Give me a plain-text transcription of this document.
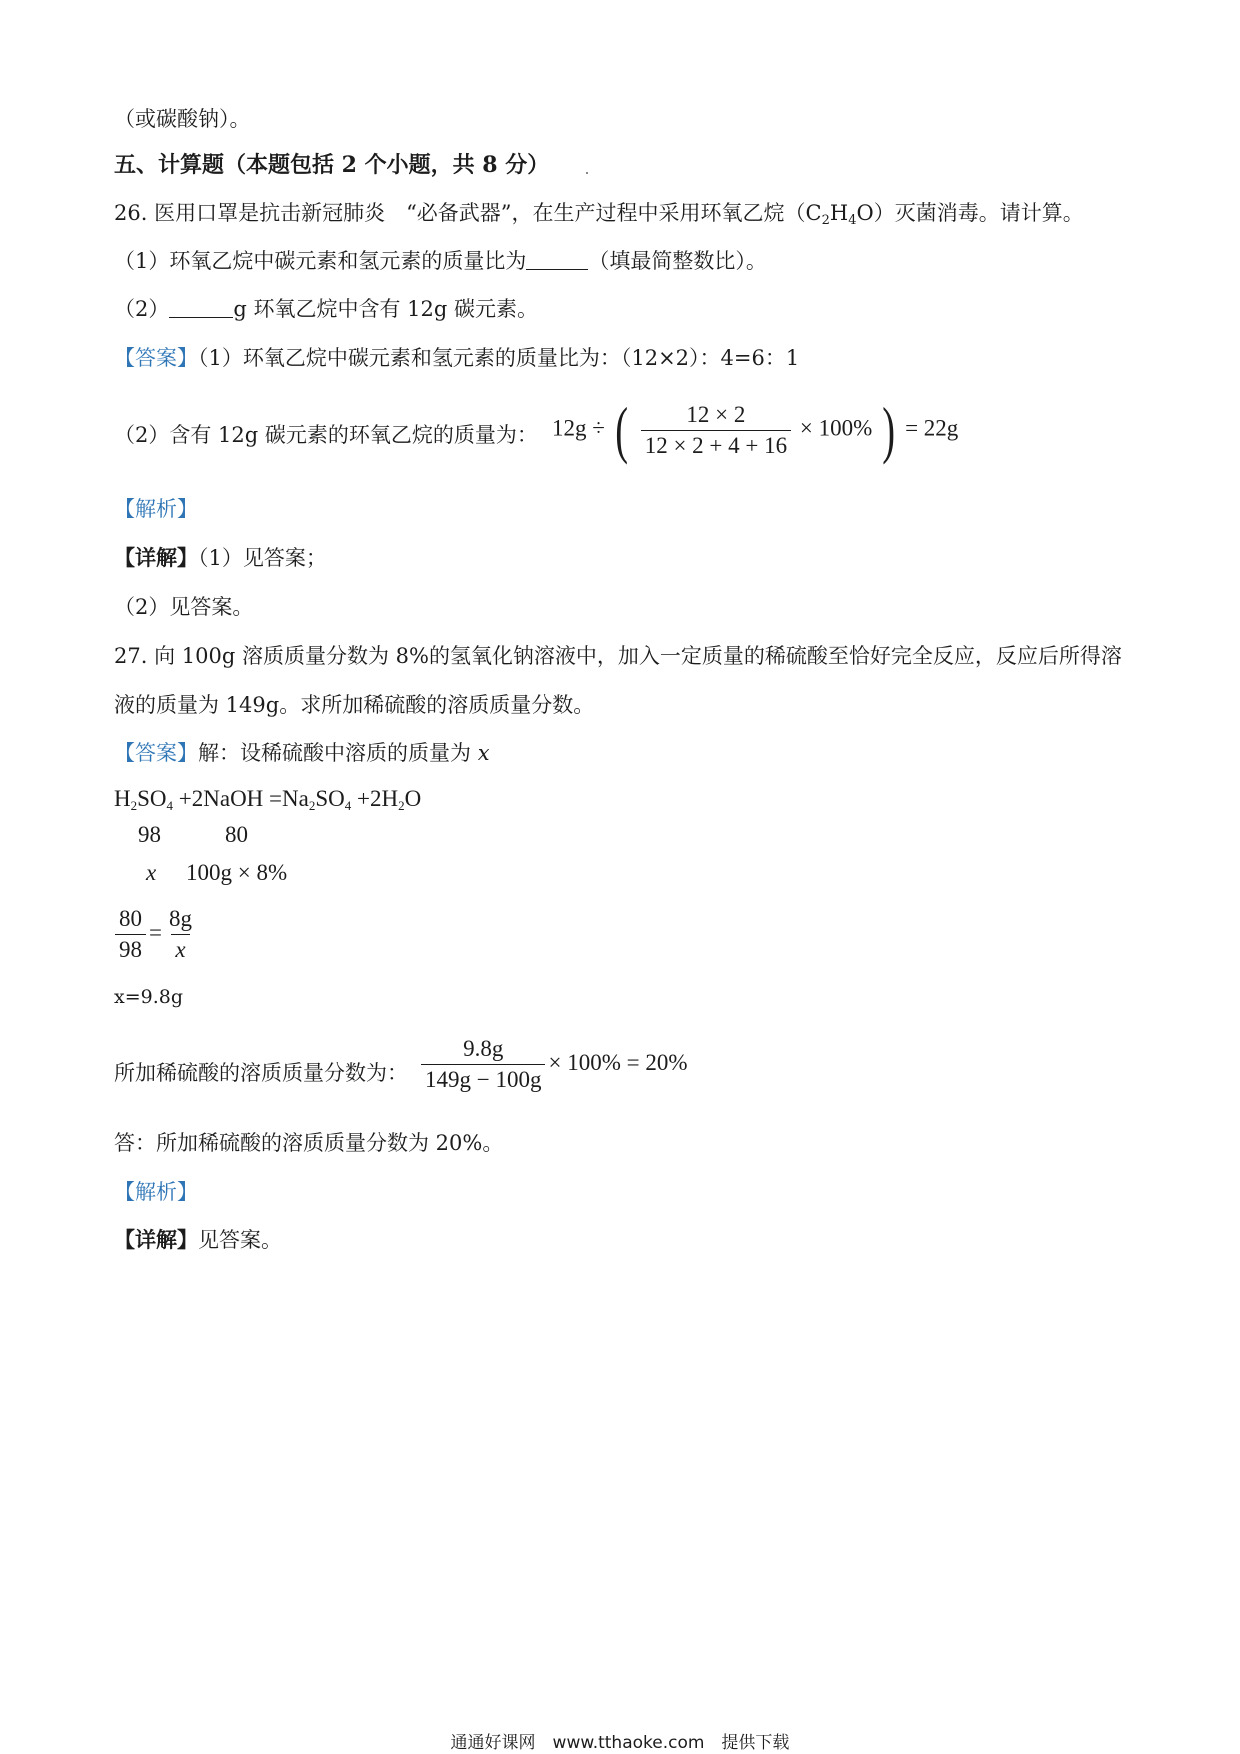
（或碳酸钠）。
五、计算题（本题包括 2 个小题，共 8 分）
26. 医用口罩是抗击新冠肺炎　“必备武器”，在生产过程中采用环氧乙烷$(C_2H_4O)$灭菌消毒。请计算。
（1）环氧乙烷中碳元素和氢元素的质量比为	（填最简整数比）。
（2）	g 环氧乙烷中含有 12g 碳元素。
【答案】（1）环氧乙烷中碳元素和氢元素的质量比为：（12×2）：4=6：1
（2）含有 12g 碳元素的环氧乙烷的质量为： 12g ÷ ( $\frac{12 \times 2}{12 \times 2 + 4 + 16} \times 100\%$ ) = 22g
【解析】
【详解】（1）见答案；
（2）见答案。
27. 向 100g 溶质质量分数为 8%的氢氧化钠溶液中，加入一定质量的稀硫酸至恰好完全反应，反应后所得溶
液的质量为 149g。求所加稀硫酸的溶质质量分数。
【答案】解：设稀硫酸中溶质的质量为 x
$H_2SO_4$ +2NaOH $=Na_2SO_4 +2H_2O$
98	80
x 100g × 8%
$\frac{80}{98} = \frac{8g}{x}$
x=9.8g
所加稀硫酸的溶质质量分数为： $\frac{9.8g}{149g - 100g} \times 100\% = 20\%$
答：所加稀硫酸的溶质质量分数为 20%。
【解析】
【详解】见答案。
通通好课网　www.tthaoke.com　提供下载
